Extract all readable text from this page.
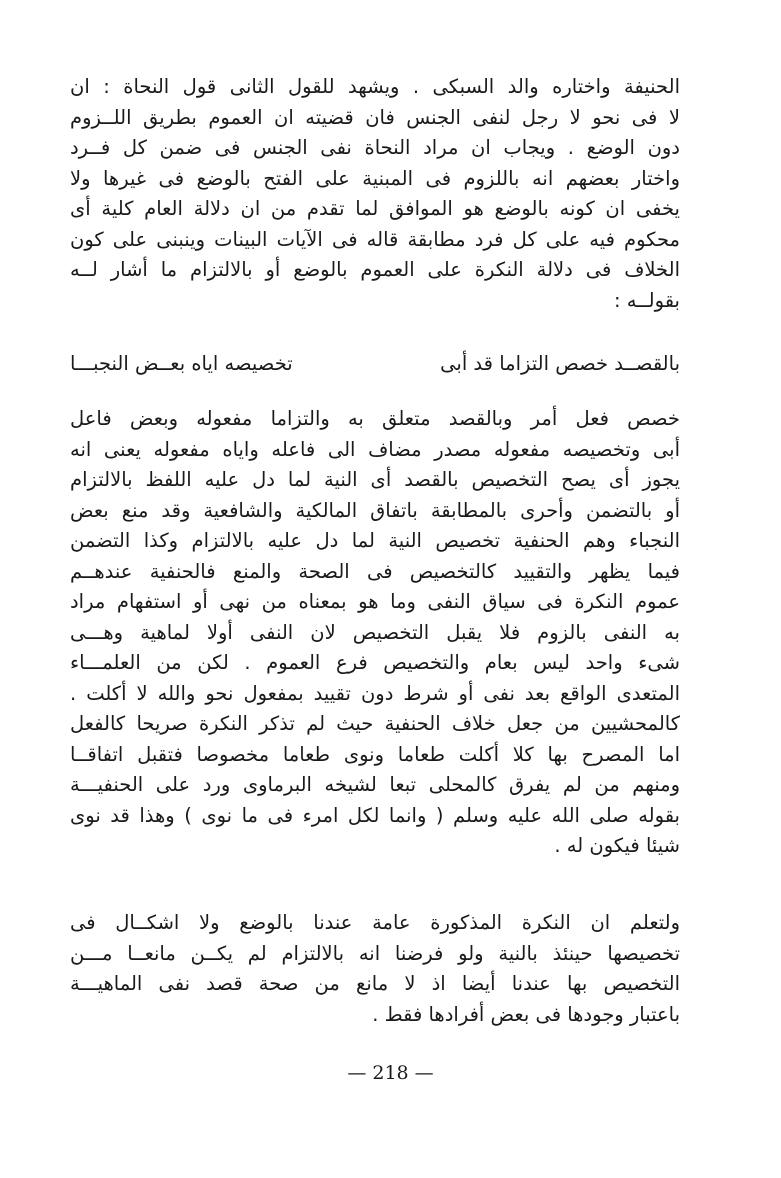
الحنيفة واختاره والد السبكى . ويشهد للقول الثانى قول النحاة : ان
لا فى نحو لا رجل لنفى الجنس فان قضيته ان العموم بطريق اللــزوم
دون الوضع . ويجاب ان مراد النحاة نفى الجنس فى ضمن كل فــرد
واختار بعضهم انه باللزوم فى المبنية على الفتح بالوضع فى غيرها ولا
يخفى ان كونه بالوضع هو الموافق لما تقدم من ان دلالة العام كلية أى
محكوم فيه على كل فرد مطابقة قاله فى الآيات البينات وينبنى على كون
الخلاف فى دلالة النكرة على العموم بالوضع أو بالالتزام ما أشار لــه
بقولــه :
بالقصــد خصص التزاما قد أبى
تخصيصه اياه بعــض النجبـــا
خصص فعل أمر وبالقصد متعلق به والتزاما مفعوله وبعض فاعل
أبى وتخصيصه مفعوله مصدر مضاف الى فاعله واياه مفعوله يعنى انه
يجوز أى يصح التخصيص بالقصد أى النية لما دل عليه اللفظ بالالتزام
أو بالتضمن وأحرى بالمطابقة باتفاق المالكية والشافعية وقد منع بعض
النجباء وهم الحنفية تخصيص النية لما دل عليه بالالتزام وكذا التضمن
فيما يظهر والتقييد كالتخصيص فى الصحة والمنع فالحنفية عندهــم
عموم النكرة فى سياق النفى وما هو بمعناه من نهى أو استفهام مراد
به النفى بالزوم فلا يقبل التخصيص لان النفى أولا لماهية وهـــى
شىء واحد ليس بعام والتخصيص فرع العموم . لكن من العلمـــاء
المتعدى الواقع بعد نفى أو شرط دون تقييد بمفعول نحو والله لا أكلت .
كالمحشيين من جعل خلاف الحنفية حيث لم تذكر النكرة صريحا كالفعل
اما المصرح بها كلا أكلت طعاما ونوى طعاما مخصوصا فتقبل اتفاقــا
ومنهم من لم يفرق كالمحلى تبعا لشيخه البرماوى ورد على الحنفيـــة
بقوله صلى الله عليه وسلم ( وانما لكل امرء فى ما نوى ) وهذا قد نوى
شيئا فيكون له .
ولتعلم ان النكرة المذكورة عامة عندنا بالوضع ولا اشكــال فى
تخصيصها حينئذ بالنية ولو فرضنا انه بالالتزام لم يكــن مانعــا مـــن
التخصيص بها عندنا أيضا اذ لا مانع من صحة قصد نفى الماهيـــة
باعتبار وجودها فى بعض أفرادها فقط .
— 218 —
